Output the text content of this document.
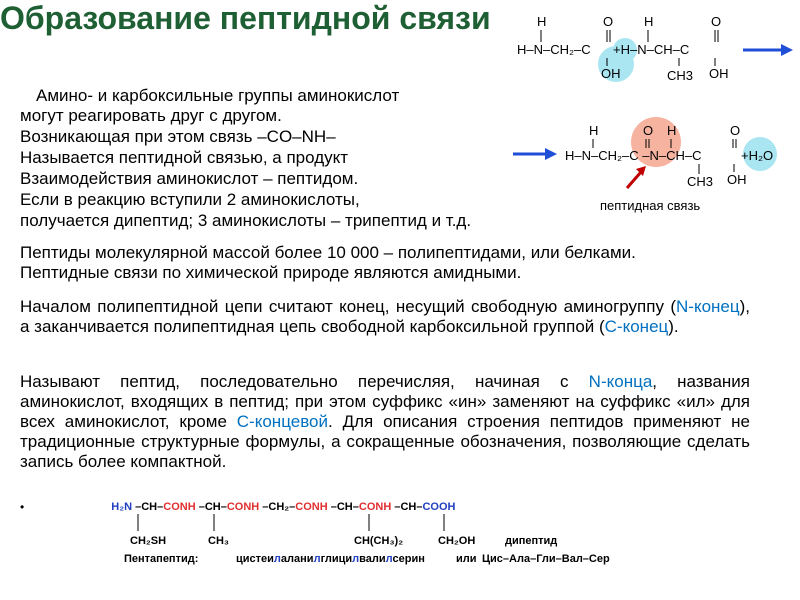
Образование пептидной связи	H	O H	O
H–N–CH₂–C +H–N–CH–C
OH	CH3 OH
H	O H	O
H–N–CH₂–C –N–CH–C	+H₂O
CH3 OH
пептидная связь
Амино- и карбоксильные группы аминокислот
могут реагировать друг с другом.
Возникающая при этом связь –CO–NH–
Называется пептидной связью, а продукт
Взаимодействия аминокислот – пептидом.
Если в реакцию вступили 2 аминокислоты,
получается дипептид; 3 аминокислоты – трипептид и т.д.
Пептиды молекулярной массой более 10 000 – полипептидами, или белками.
Пептидные связи по химической природе являются амидными.
Началом полипептидной цепи считают конец, несущий свободную аминогруппу (N-конец), а заканчивается полипептидная цепь свободной карбоксильной группой (С-конец).
Называют пептид, последовательно перечисляя, начиная с N-конца, названия аминокислот, входящих в пептид; при этом суффикс «ин» заменяют на суффикс «ил» для всех аминокислот, кроме С-концевой. Для описания строения пептидов применяют не традиционные структурные формулы, а сокращенные обозначения, позволяющие сделать запись более компактной.
•	H₂N –CH–CONH –CH–CONH –CH₂–CONH –CH–CONH –CH–COOH
CH₂SH	CH₃	CH(CH₃)₂	CH₂OH	дипептид
Пентапептид:	цистеилаланилглицилвалилсерин	или Цис–Ала–Гли–Вал–Сер
